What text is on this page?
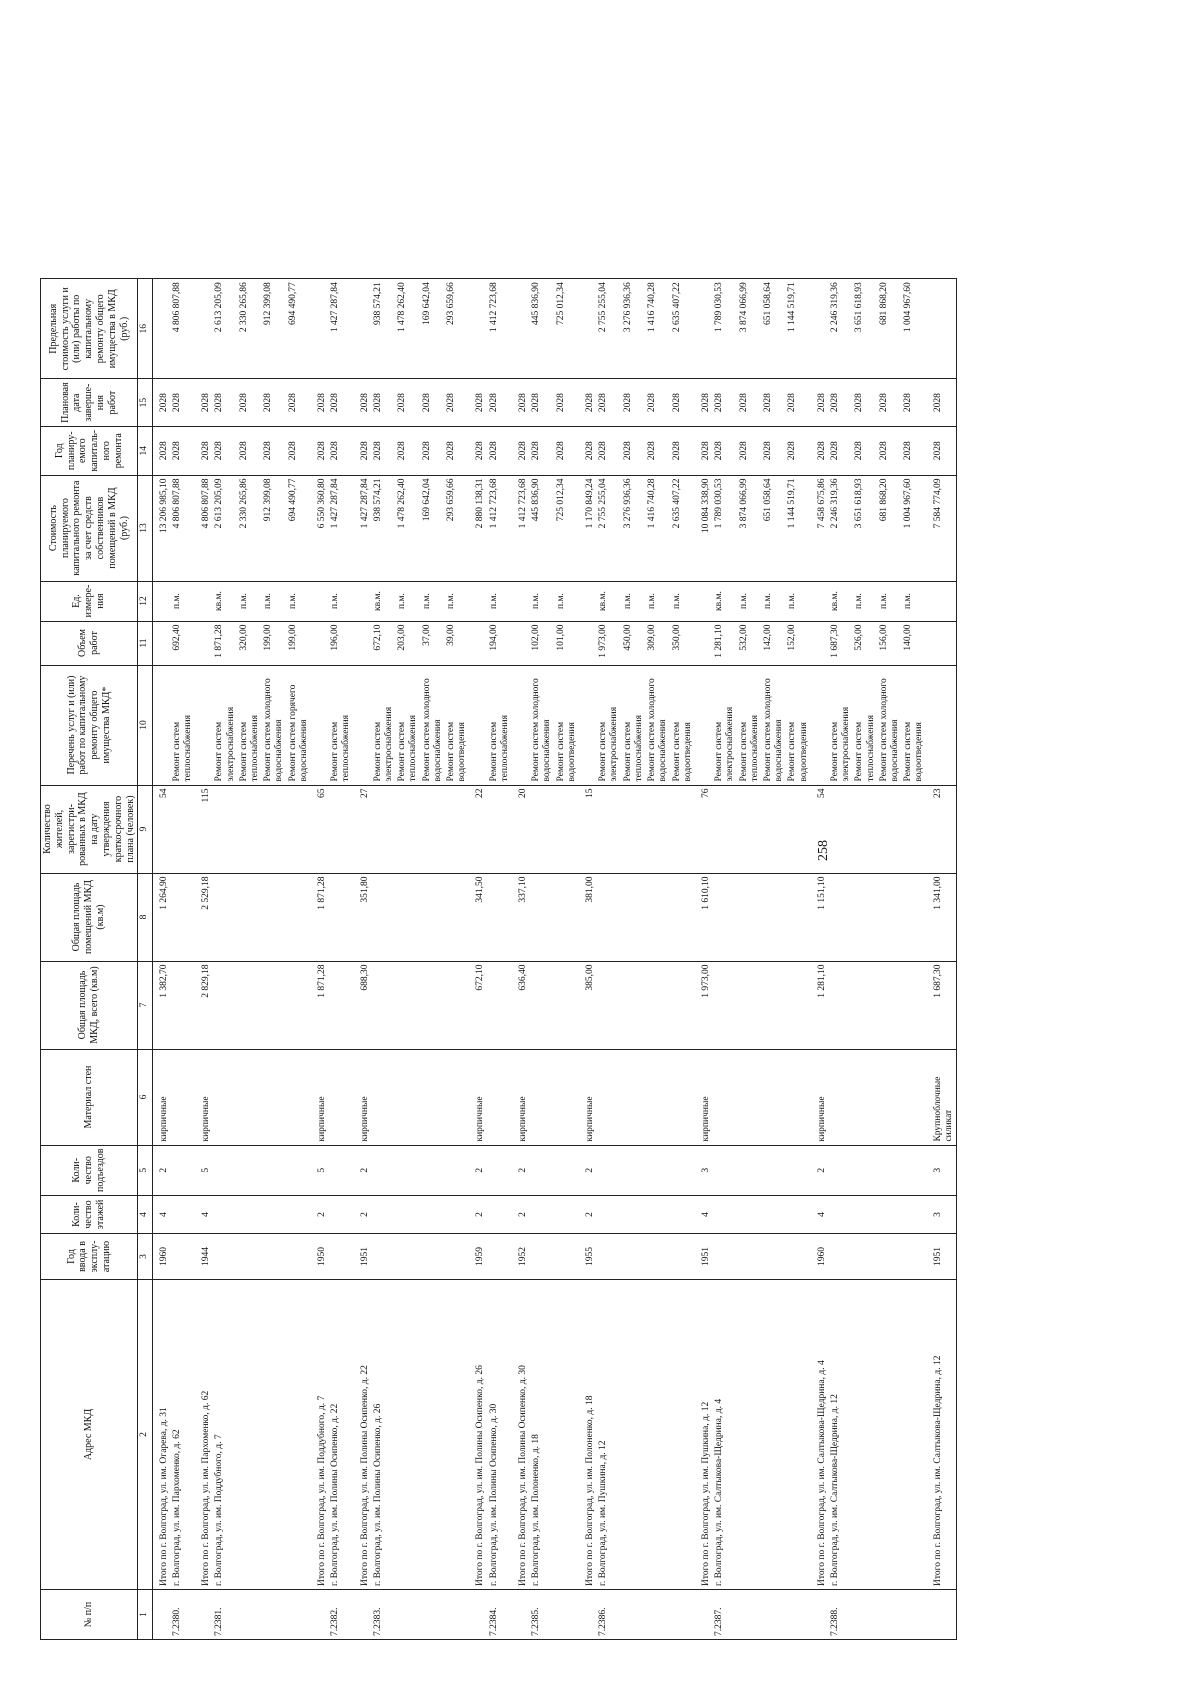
258
№ п/п	Адрес МКД	Год ввода в эксплу-атацию	Коли-чество этажей	Коли-чество подъездов	Материал стен	Общая площадь МКД, всего (кв.м)	Общая площадь помещений МКД (кв.м)	Количество жителей, зарегистри-рованных в МКД на дату утверждения краткосрочного плана (человек)	Перечень услуг и (или) работ по капитальному ремонту общего имущества МКД*	Объем работ	Ед. измере-ния	Стоимость планируемого капитального ремонта за счет средств собственников помещений в МКД (руб.)	Год планиру-емого капиталь-ного ремонта	Плановая дата заверше-ния работ	Предельная стоимость услуги и (или) работы по капитальному ремонту общего имущества в МКД (руб.)
1	2	3	4	5	6	7	8	9	10	11	12	13	14	15	16
	Итого по г. Волгоград, ул. им. Огарева, д. 31	1960	4	2	кирпичные	1 382,70	1 264,90	54				13 206 985,10	2028	2028	
7.2380.	г. Волгоград, ул. им. Пархоменко, д. 62								Ремонт систем теплоснабжения	692,40	п.м.	4 806 807,88	2028	2028	4 806 807,88
	Итого по г. Волгоград, ул. им. Пархоменко, д. 62	1944	4	5	кирпичные	2 829,18	2 529,18	115				4 806 807,88	2028	2028	
7.2381.	г. Волгоград, ул. им. Поддубного, д. 7								Ремонт систем электроснабжения	1 871,28	кв.м.	2 613 205,09	2028	2028	2 613 205,09
									Ремонт систем теплоснабжения	320,00	п.м.	2 330 265,86	2028	2028	2 330 265,86
									Ремонт систем холодного водоснабжения	199,00	п.м.	912 399,08	2028	2028	912 399,08
									Ремонт систем горячего водоснабжения	199,00	п.м.	694 490,77	2028	2028	694 490,77
	Итого по г. Волгоград, ул. им. Поддубного, д. 7	1950	2	5	кирпичные	1 871,28	1 871,28	65				6 550 360,80	2028	2028	
7.2382.	г. Волгоград, ул. им. Полины Осипенко, д. 22								Ремонт систем теплоснабжения	196,00	п.м.	1 427 287,84	2028	2028	1 427 287,84
	Итого по г. Волгоград, ул. им. Полины Осипенко, д. 22	1951	2	2	кирпичные	688,30	351,80	27				1 427 287,84	2028	2028	
7.2383.	г. Волгоград, ул. им. Полины Осипенко, д. 26								Ремонт систем электроснабжения	672,10	кв.м.	938 574,21	2028	2028	938 574,21
									Ремонт систем теплоснабжения	203,00	п.м.	1 478 262,40	2028	2028	1 478 262,40
									Ремонт систем холодного водоснабжения	37,00	п.м.	169 642,04	2028	2028	169 642,04
									Ремонт систем водоотведения	39,00	п.м.	293 659,66	2028	2028	293 659,66
	Итого по г. Волгоград, ул. им. Полины Осипенко, д. 26	1959	2	2	кирпичные	672,10	341,50	22				2 880 138,31	2028	2028	
7.2384.	г. Волгоград, ул. им. Полины Осипенко, д. 30								Ремонт систем теплоснабжения	194,00	п.м.	1 412 723,68	2028	2028	1 412 723,68
	Итого по г. Волгоград, ул. им. Полины Осипенко, д. 30	1952	2	2	кирпичные	636,40	337,10	20				1 412 723,68	2028	2028	
7.2385.	г. Волгоград, ул. им. Полоненко, д. 18								Ремонт систем холодного водоснабжения	102,00	п.м.	445 836,90	2028	2028	445 836,90
									Ремонт систем водоотведения	101,00	п.м.	725 012,34	2028	2028	725 012,34
	Итого по г. Волгоград, ул. им. Полоненко, д. 18	1955	2	2	кирпичные	385,00	381,00	15				1 170 849,24	2028	2028	
7.2386.	г. Волгоград, ул. им. Пушкина, д. 12								Ремонт систем электроснабжения	1 973,00	кв.м.	2 755 255,04	2028	2028	2 755 255,04
									Ремонт систем теплоснабжения	450,00	п.м.	3 276 936,36	2028	2028	3 276 936,36
									Ремонт систем холодного водоснабжения	309,00	п.м.	1 416 740,28	2028	2028	1 416 740,28
									Ремонт систем водоотведения	350,00	п.м.	2 635 407,22	2028	2028	2 635 407,22
	Итого по г. Волгоград, ул. им. Пушкина, д. 12	1951	4	3	кирпичные	1 973,00	1 610,10	76				10 084 338,90	2028	2028	
7.2387.	г. Волгоград, ул. им. Салтыкова-Щедрина, д. 4								Ремонт систем электроснабжения	1 281,10	кв.м.	1 789 030,53	2028	2028	1 789 030,53
									Ремонт систем теплоснабжения	532,00	п.м.	3 874 066,99	2028	2028	3 874 066,99
									Ремонт систем холодного водоснабжения	142,00	п.м.	651 058,64	2028	2028	651 058,64
									Ремонт систем водоотведения	152,00	п.м.	1 144 519,71	2028	2028	1 144 519,71
	Итого по г. Волгоград, ул. им. Салтыкова-Щедрина, д. 4	1960	4	2	кирпичные	1 281,10	1 151,10	54				7 458 675,86	2028	2028	
7.2388.	г. Волгоград, ул. им. Салтыкова-Щедрина, д. 12								Ремонт систем электроснабжения	1 687,30	кв.м.	2 246 319,36	2028	2028	2 246 319,36
									Ремонт систем теплоснабжения	526,00	п.м.	3 651 618,93	2028	2028	3 651 618,93
									Ремонт систем холодного водоснабжения	156,00	п.м.	681 868,20	2028	2028	681 868,20
									Ремонт систем водоотведения	140,00	п.м.	1 004 967,60	2028	2028	1 004 967,60
	Итого по г. Волгоград, ул. им. Салтыкова-Щедрина, д. 12	1951	3	3	Крупноблочные силикат	1 687,30	1 341,00	23				7 584 774,09	2028	2028	
